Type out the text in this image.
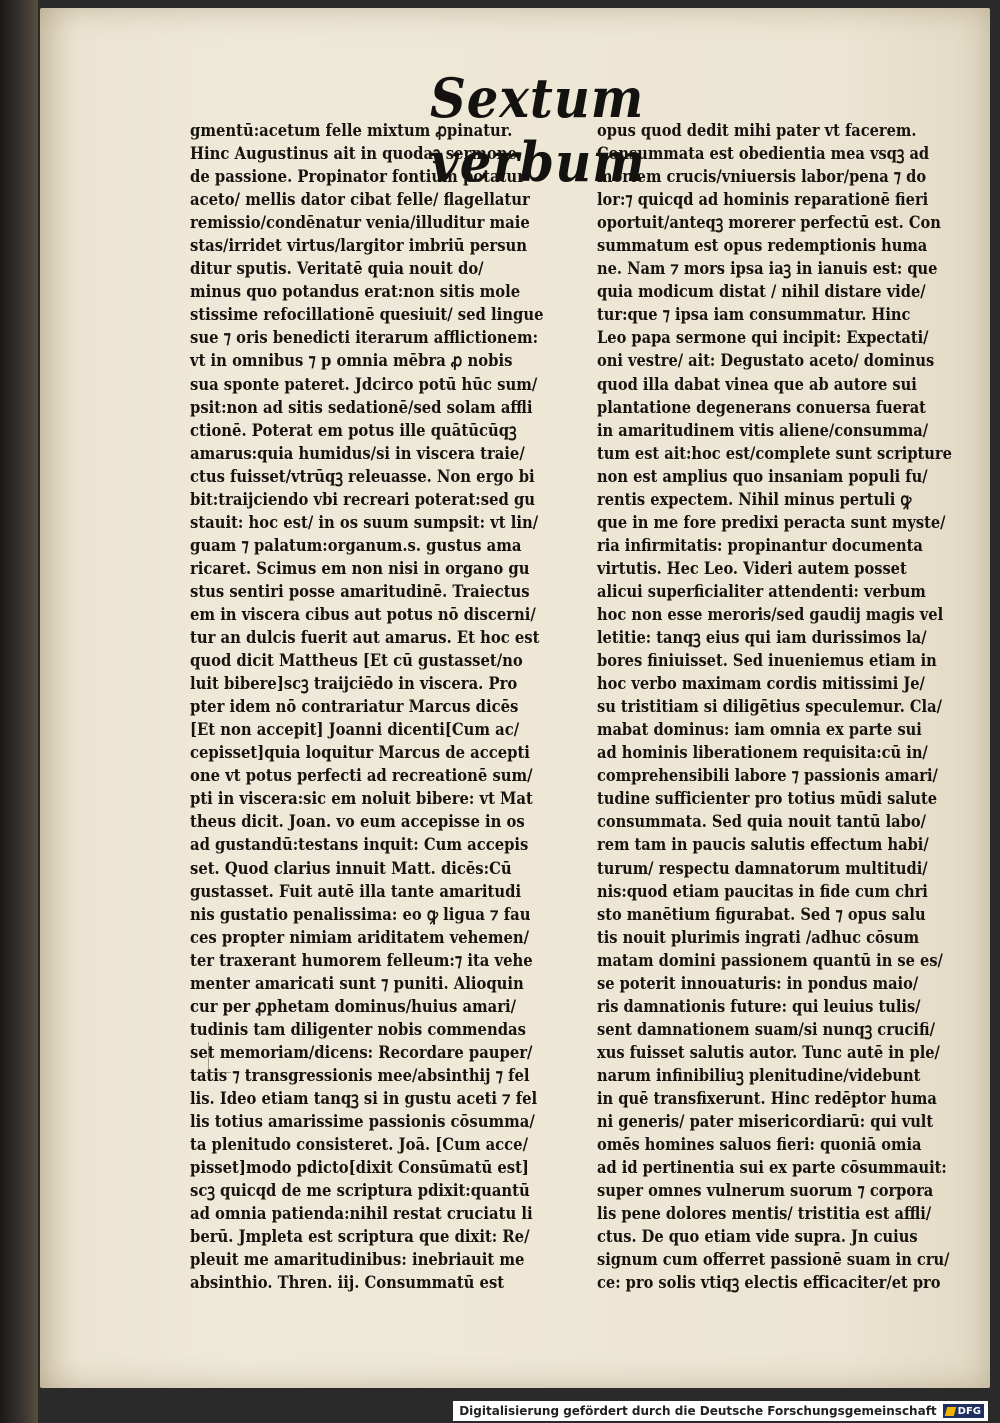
Sextum verbum
gmentū:acetum felle mixtum ꝓpinatur.
Hinc Augustinus ait in quodaꝫ sermone
de passione. Propinator fontium potatur
aceto/ mellis dator cibat felle/ flagellatur
remissio/condēnatur venia/illuditur maie
stas/irridet virtus/largitor imbriū persun
ditur sputis. Veritatē quia nouit do/
minus quo potandus erat:non sitis mole
stissime refocillationē quesiuit/ sed lingue
sue ⁊ oris benedicti iterarum afflictionem:
vt in omnibus ⁊ p omnia mēbra ꝓ nobis
sua sponte pateret. Jdcirco potū hūc sum/
psit:non ad sitis sedationē/sed solam affli
ctionē. Poterat em potus ille quātūcūqꝫ
amarus:quia humidus/si in viscera traie/
ctus fuisset/vtrūqꝫ releuasse. Non ergo bi
bit:traijciendo vbi recreari poterat:sed gu
stauit: hoc est/ in os suum sumpsit: vt lin/
guam ⁊ palatum:organum.s. gustus ama
ricaret. Scimus em non nisi in organo gu
stus sentiri posse amaritudinē. Traiectus
em in viscera cibus aut potus nō discerni/
tur an dulcis fuerit aut amarus. Et hoc est
quod dicit Mattheus [Et cū gustasset/no
luit bibere]scꝫ traijciēdo in viscera. Pro
pter idem nō contrariatur Marcus dicēs
[Et non accepit] Joanni dicenti[Cum ac/
cepisset]quia loquitur Marcus de accepti
one vt potus perfecti ad recreationē sum/
pti in viscera:sic em noluit bibere: vt Mat
theus dicit. Joan. vo eum accepisse in os
ad gustandū:testans inquit: Cum accepis
set. Quod clarius innuit Matt. dicēs:Cū
gustasset. Fuit autē illa tante amaritudi
nis gustatio penalissima: eo ꝙ ligua ⁊ fau
ces propter nimiam ariditatem vehemen/
ter traxerant humorem felleum:⁊ ita vehe
menter amaricati sunt ⁊ puniti. Alioquin
cur per ꝓphetam dominus/huius amari/
tudinis tam diligenter nobis commendas
set memoriam/dicens: Recordare pauper/
tatis ⁊ transgressionis mee/absinthij ⁊ fel
lis. Ideo etiam tanqꝫ si in gustu aceti ⁊ fel
lis totius amarissime passionis cōsumma/
ta plenitudo consisteret. Joā. [Cum acce/
pisset]modo pdicto[dixit Consūmatū est]
scꝫ quicqd de me scriptura pdixit:quantū
ad omnia patienda:nihil restat cruciatu li
berū. Jmpleta est scriptura que dixit: Re/
pleuit me amaritudinibus: inebriauit me
absinthio. Thren. iij. Consummatū est
opus quod dedit mihi pater vt facerem.
Consummata est obedientia mea vsqꝫ ad
mortem crucis/vniuersis labor/pena ⁊ do
lor:⁊ quicqd ad hominis reparationē fieri
oportuit/anteqꝫ morerer perfectū est. Con
summatum est opus redemptionis huma
ne. Nam ⁊ mors ipsa iaꝫ in ianuis est: que
quia modicum distat / nihil distare vide/
tur:que ⁊ ipsa iam consummatur. Hinc
Leo papa sermone qui incipit: Expectati/
oni vestre/ ait: Degustato aceto/ dominus
quod illa dabat vinea que ab autore sui
plantatione degenerans conuersa fuerat
in amaritudinem vitis aliene/consumma/
tum est ait:hoc est/complete sunt scripture
non est amplius quo insaniam populi fu/
rentis expectem. Nihil minus pertuli ꝙ
que in me fore predixi peracta sunt myste/
ria infirmitatis: propinantur documenta
virtutis. Hec Leo. Videri autem posset
alicui superficialiter attendenti: verbum
hoc non esse meroris/sed gaudij magis vel
letitie: tanqꝫ eius qui iam durissimos la/
bores finiuisset. Sed inueniemus etiam in
hoc verbo maximam cordis mitissimi Je/
su tristitiam si diligētius speculemur. Cla/
mabat dominus: iam omnia ex parte sui
ad hominis liberationem requisita:cū in/
comprehensibili labore ⁊ passionis amari/
tudine sufficienter pro totius mūdi salute
consummata. Sed quia nouit tantū labo/
rem tam in paucis salutis effectum habi/
turum/ respectu damnatorum multitudi/
nis:quod etiam paucitas in fide cum chri
sto manētium figurabat. Sed ⁊ opus salu
tis nouit plurimis ingrati /adhuc cōsum
matam domini passionem quantū in se es/
se poterit innouaturis: in pondus maio/
ris damnationis future: qui leuius tulis/
sent damnationem suam/si nunqꝫ crucifi/
xus fuisset salutis autor. Tunc autē in ple/
narum infinibiliuꝫ plenitudine/videbunt
in quē transfixerunt. Hinc redēptor huma
ni generis/ pater misericordiarū: qui vult
omēs homines saluos fieri: quoniā omia
ad id pertinentia sui ex parte cōsummauit:
super omnes vulnerum suorum ⁊ corpora
lis pene dolores mentis/ tristitia est affli/
ctus. De quo etiam vide supra. Jn cuius
signum cum offerret passionē suam in cru/
ce: pro solis vtiqꝫ electis efficaciter/et pro
Digitalisierung gefördert durch die Deutsche Forschungsgemeinschaft DFG
